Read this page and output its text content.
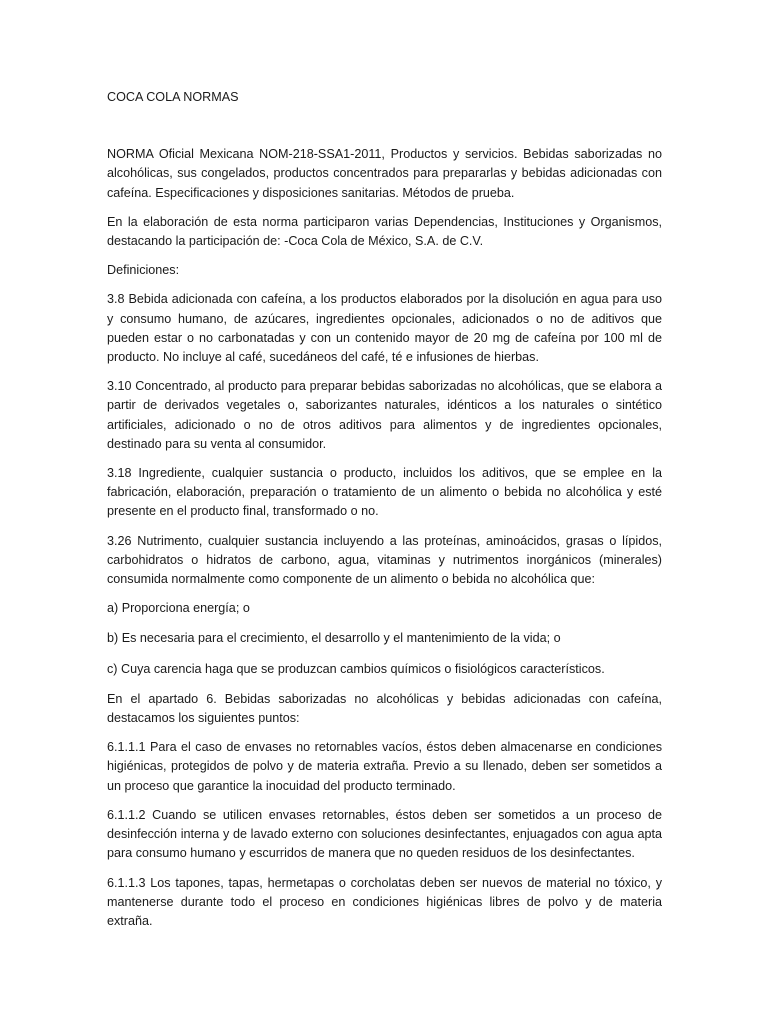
COCA COLA NORMAS

NORMA Oficial Mexicana NOM-218-SSA1-2011, Productos y servicios. Bebidas saborizadas no alcohólicas, sus congelados, productos concentrados para prepararlas y bebidas adicionadas con cafeína. Especificaciones y disposiciones sanitarias. Métodos de prueba.

En la elaboración de esta norma participaron varias Dependencias, Instituciones y Organismos, destacando la participación de: -Coca Cola de México, S.A. de C.V.

Definiciones:

3.8 Bebida adicionada con cafeína, a los productos elaborados por la disolución en agua para uso y consumo humano, de azúcares, ingredientes opcionales, adicionados o no de aditivos que pueden estar o no carbonatadas y con un contenido mayor de 20 mg de cafeína por 100 ml de producto. No incluye al café, sucedáneos del café, té e infusiones de hierbas.

3.10 Concentrado, al producto para preparar bebidas saborizadas no alcohólicas, que se elabora a partir de derivados vegetales o, saborizantes naturales, idénticos a los naturales o sintético artificiales, adicionado o no de otros aditivos para alimentos y de ingredientes opcionales, destinado para su venta al consumidor.

3.18 Ingrediente, cualquier sustancia o producto, incluidos los aditivos, que se emplee en la fabricación, elaboración, preparación o tratamiento de un alimento o bebida no alcohólica y esté presente en el producto final, transformado o no.

3.26 Nutrimento, cualquier sustancia incluyendo a las proteínas, aminoácidos, grasas o lípidos, carbohidratos o hidratos de carbono, agua, vitaminas y nutrimentos inorgánicos (minerales) consumida normalmente como componente de un alimento o bebida no alcohólica que:

a) Proporciona energía; o

b) Es necesaria para el crecimiento, el desarrollo y el mantenimiento de la vida; o

c) Cuya carencia haga que se produzcan cambios químicos o fisiológicos característicos.

En el apartado 6. Bebidas saborizadas no alcohólicas y bebidas adicionadas con cafeína, destacamos los siguientes puntos:

6.1.1.1 Para el caso de envases no retornables vacíos, éstos deben almacenarse en condiciones higiénicas, protegidos de polvo y de materia extraña. Previo a su llenado, deben ser sometidos a un proceso que garantice la inocuidad del producto terminado.

6.1.1.2 Cuando se utilicen envases retornables, éstos deben ser sometidos a un proceso de desinfección interna y de lavado externo con soluciones desinfectantes, enjuagados con agua apta para consumo humano y escurridos de manera que no queden residuos de los desinfectantes.

6.1.1.3 Los tapones, tapas, hermetapas o corcholatas deben ser nuevos de material no tóxico, y mantenerse durante todo el proceso en condiciones higiénicas libres de polvo y de materia extraña.
